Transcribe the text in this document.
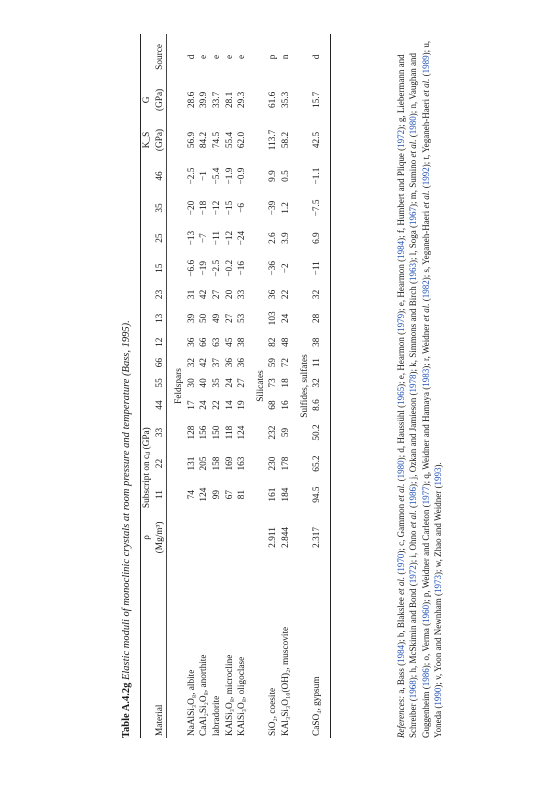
Table A.4.2g Elastic moduli of monoclinic crystals at room pressure and temperature (Bass, 1995).
	ρ	Subscript on cᵢⱼ (GPa)													K_S	G	
Material	(Mg/m³)	11	22	33	44	55	66	12	13	23	15	25	35	46	(GPa)	(GPa)	Source

Feldspars																	
NaAlSi₃O₈, albite		74	131	128	17	30	32	36	39	31	−6.6	−13	−20	−2.5	56.9	28.6	d
CaAl₂Si₂O₈, anorthite		124	205	156	24	40	42	66	50	42	−19	−7	−18	−1	84.2	39.9	e
labradorite		99	158	150	22	35	37	63	49	27	−2.5	−11	−12	−5.4	74.5	33.7	e
KAlSi₃O₈, microcline		67	169	118	14	24	36	45	27	20	−0.2	−12	−15	−1.9	55.4	28.1	e
KAlSi₃O₈, oligoclase		81	163	124	19	27	36	38	53	33	−16	−24	−6	−0.9	62.0	29.3	e

Silicates																	
SiO₂, coesite	2.911	161	230	232	68	73	59	82	103	36	−36	2.6	−39	9.9	113.7	61.6	p
KAl₃Si₃O₁₀(OH)₂, muscovite	2.844	184	178	59	16	18	72	48	24	22	−2	3.9	1.2	0.5	58.2	35.3	n

Sulfides, sulfates																	
CaSO₄, gypsum	2.317	94.5	65.2	50.2	8.6	32	11	38	28	32	−11	6.9	−7.5	−1.1	42.5	15.7	d

References: a, Bass (1984); b, Blakslee et al. (1970); c, Gammon et al. (1980); d, Haussühl (1965); e, Hearmon (1979); e, Hearmon (1984); f, Humbert and Plique (1972); g, Liebermann and Schreiber (1968); h, McSkimin and Bond (1972); i, Ohno et al. (1986); j, Ozkan and Jamieson (1978); k, Simmons and Birch (1963); l, Soga (1967); m, Sumino et al. (1980); n, Vaughan and Guggenheim (1986); o, Verma (1960); p, Weidner and Carleton (1977); q, Weidner and Hamaya (1983); r, Weidner et al. (1982); s, Yeganeh-Haeri et al. (1992); t, Yeganeh-Haeri et al. (1989); u, Yoneda (1990); v, Yoon and Newnham (1973); w, Zhao and Weidner (1993).
